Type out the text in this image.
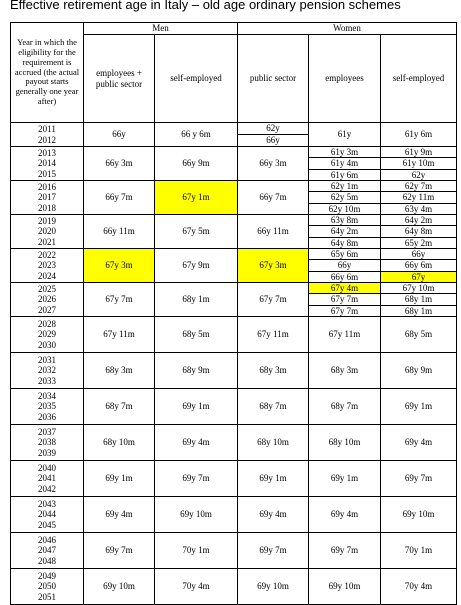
Effective retirement age in Italy – old age ordinary pension schemes
Year in which the eligibility for the requirement is accrued (the actual payout starts generally one year after)	Men		Women		
	employees + public sector	self-employed	public sector	employees	self-employed

2011
2012	66y	66 y 6m	62y	61y	61y 6m
			66y		

2013
2014
2015	66y 3m	66y 9m	66y 3m	61y 3m	61y 9m
				61y 4m	61y 10m
				61y 6m	62y

2016
2017
2018	66y 7m	67y 1m	66y 7m	62y 1m	62y 7m
				62y 5m	62y 11m
				62y 10m	63y 4m

2019
2020
2021	66y 11m	67y 5m	66y 11m	63y 8m	64y 2m
				64y 2m	64y 8m
				64y 8m	65y 2m

2022
2023
2024	67y 3m	67y 9m	67y 3m	65y 6m	66y
				66y	66y 6m
				66y 6m	67y

2025
2026
2027	67y 7m	68y 1m	67y 7m	67y 4m	67y 10m
				67y 7m	68y 1m
				67y 7m	68y 1m

2028
2029
2030	67y 11m	68y 5m	67y 11m	67y 11m	68y 5m

2031
2032
2033	68y 3m	68y 9m	68y 3m	68y 3m	68y 9m

2034
2035
2036	68y 7m	69y 1m	68y 7m	68y 7m	69y 1m

2037
2038
2039	68y 10m	69y 4m	68y 10m	68y 10m	69y 4m

2040
2041
2042	69y 1m	69y 7m	69y 1m	69y 1m	69y 7m

2043
2044
2045	69y 4m	69y 10m	69y 4m	69y 4m	69y 10m

2046
2047
2048	69y 7m	70y 1m	69y 7m	69y 7m	70y 1m

2049
2050
2051	69y 10m	70y 4m	69y 10m	69y 10m	70y 4m
